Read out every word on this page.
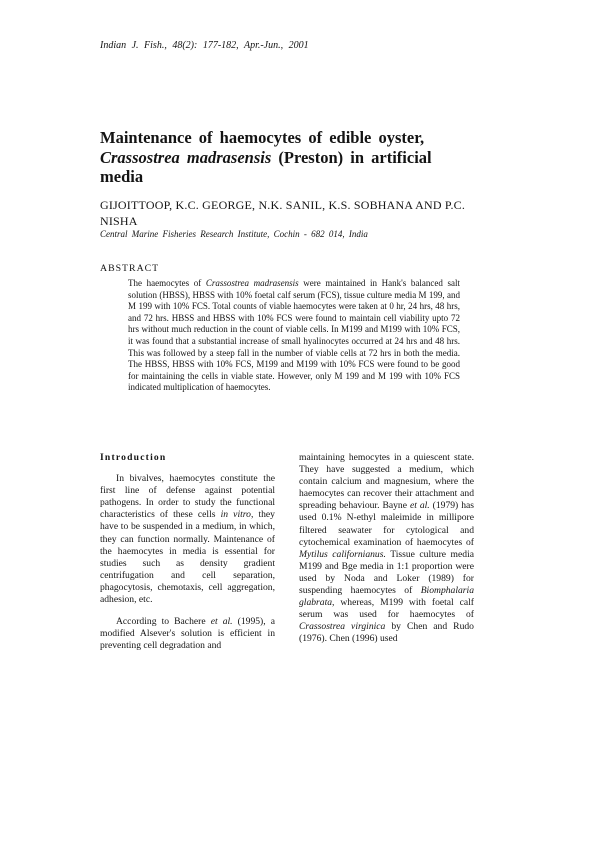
Indian J. Fish., 48(2): 177-182, Apr.-Jun., 2001
Maintenance of haemocytes of edible oyster,
Crassostrea madrasensis (Preston) in artificial media
GIJOITTOOP, K.C. GEORGE, N.K. SANIL, K.S. SOBHANA AND P.C. NISHA
Central Marine Fisheries Research Institute, Cochin - 682 014, India
ABSTRACT
The haemocytes of Crassostrea madrasensis were maintained in Hank's balanced salt solution (HBSS), HBSS with 10% foetal calf serum (FCS), tissue culture media M 199, and M 199 with 10% FCS. Total counts of viable haemocytes were taken at 0 hr, 24 hrs, 48 hrs, and 72 hrs. HBSS and HBSS with 10% FCS were found to maintain cell viability upto 72 hrs without much reduction in the count of viable cells. In M199 and M199 with 10% FCS, it was found that a substantial increase of small hyalinocytes occurred at 24 hrs and 48 hrs. This was followed by a steep fall in the number of viable cells at 72 hrs in both the media. The HBSS, HBSS with 10% FCS, M199 and M199 with 10% FCS were found to be good for maintaining the cells in viable state. However, only M 199 and M 199 with 10% FCS indicated multiplication of haemocytes.

Introduction

In bivalves, haemocytes constitute the first line of defense against potential pathogens. In order to study the functional characteristics of these cells in vitro, they have to be suspended in a medium, in which, they can function normally. Maintenance of the haemocytes in media is essential for studies such as density gradient centrifugation and cell separation, phagocytosis, chemotaxis, cell aggregation, adhesion, etc.

According to Bachere et al. (1995), a modified Alsever's solution is efficient in preventing cell degradation and

maintaining hemocytes in a quiescent state. They have suggested a medium, which contain calcium and magnesium, where the haemocytes can recover their attachment and spreading behaviour. Bayne et al. (1979) has used 0.1% N-ethyl maleimide in millipore filtered seawater for cytological and cytochemical examination of haemocytes of Mytilus californianus. Tissue culture media M199 and Bge media in 1:1 proportion were used by Noda and Loker (1989) for suspending haemocytes of Biomphalaria glabrata, whereas, M199 with foetal calf serum was used for haemocytes of Crassostrea virginica by Chen and Rudo (1976). Chen (1996) used
